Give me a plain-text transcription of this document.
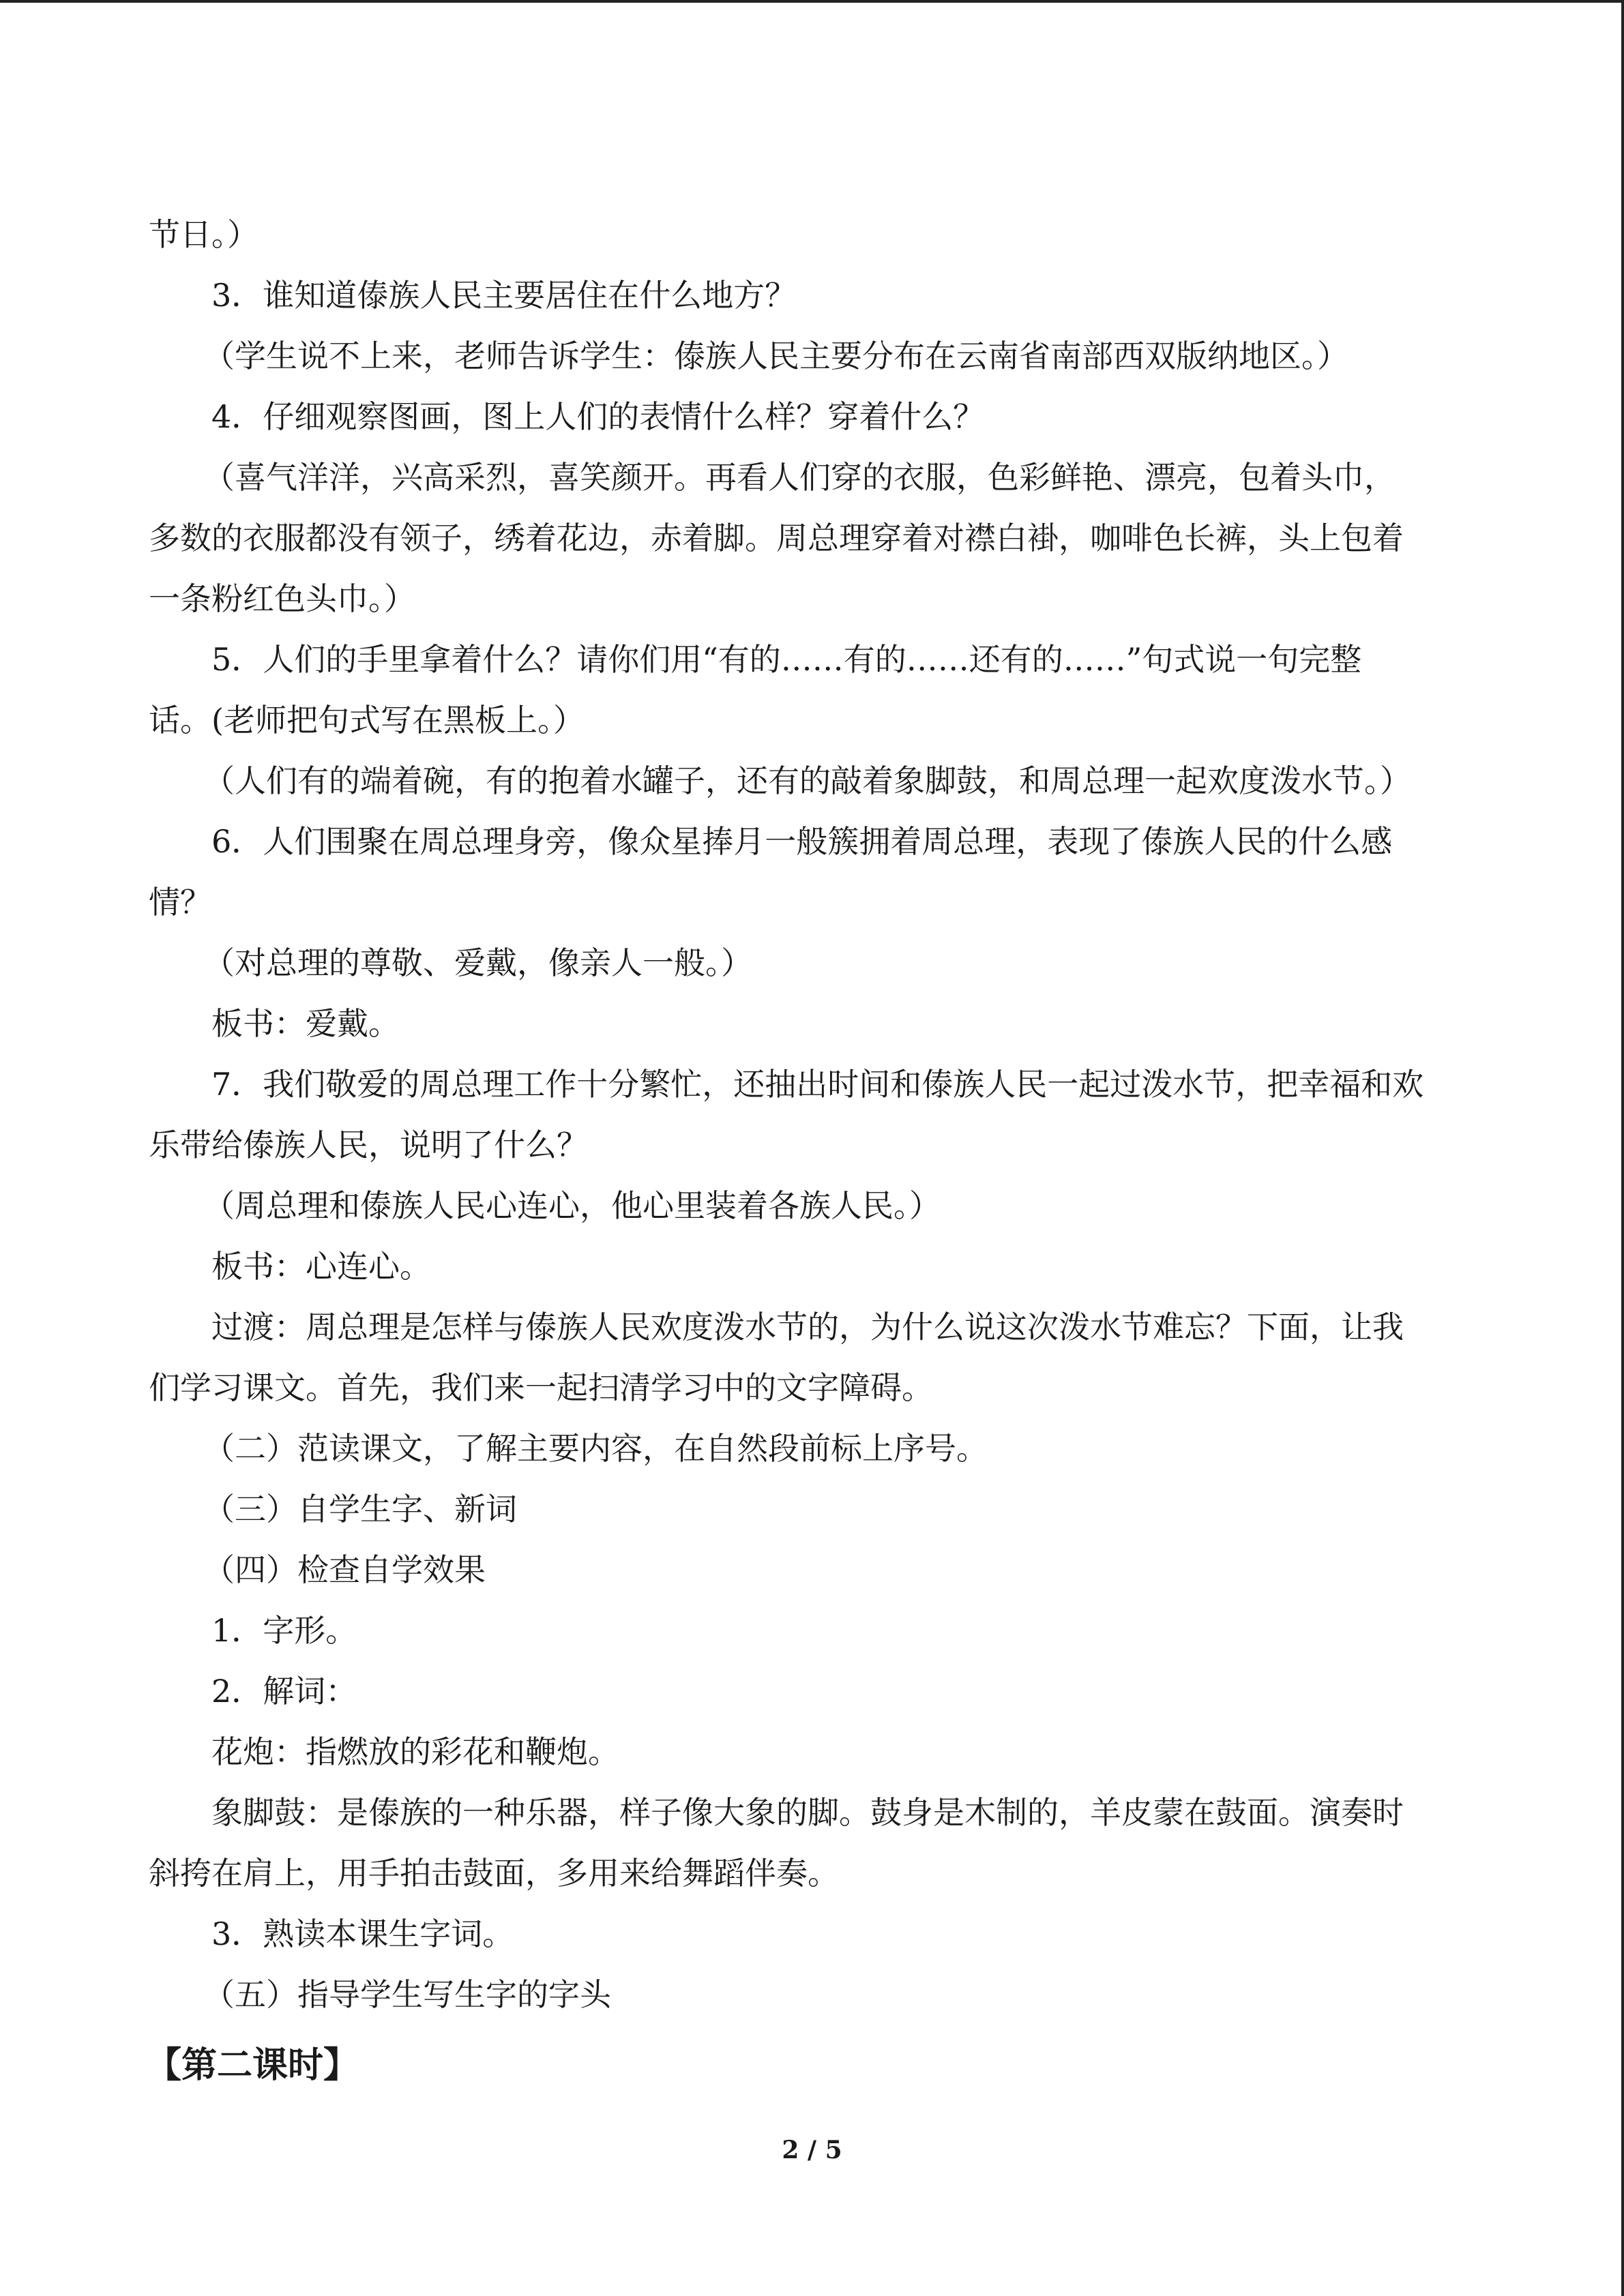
节日。）
3．谁知道傣族人民主要居住在什么地方？
（学生说不上来，老师告诉学生：傣族人民主要分布在云南省南部西双版纳地区。）
4．仔细观察图画，图上人们的表情什么样？穿着什么？
（喜气洋洋，兴高采烈，喜笑颜开。再看人们穿的衣服，色彩鲜艳、漂亮，包着头巾，
多数的衣服都没有领子，绣着花边，赤着脚。周总理穿着对襟白褂，咖啡色长裤，头上包着
一条粉红色头巾。）
5．人们的手里拿着什么？请你们用“有的……有的……还有的……”句式说一句完整
话。(老师把句式写在黑板上。）
（人们有的端着碗，有的抱着水罐子，还有的敲着象脚鼓，和周总理一起欢度泼水节。）
6．人们围聚在周总理身旁，像众星捧月一般簇拥着周总理，表现了傣族人民的什么感
情？
（对总理的尊敬、爱戴，像亲人一般。）
板书：爱戴。
7．我们敬爱的周总理工作十分繁忙，还抽出时间和傣族人民一起过泼水节，把幸福和欢
乐带给傣族人民，说明了什么？
（周总理和傣族人民心连心，他心里装着各族人民。）
板书：心连心。
过渡：周总理是怎样与傣族人民欢度泼水节的，为什么说这次泼水节难忘？下面，让我
们学习课文。首先，我们来一起扫清学习中的文字障碍。
（二）范读课文，了解主要内容，在自然段前标上序号。
（三）自学生字、新词
（四）检查自学效果
1．字形。
2．解词：
花炮：指燃放的彩花和鞭炮。
象脚鼓：是傣族的一种乐器，样子像大象的脚。鼓身是木制的，羊皮蒙在鼓面。演奏时
斜挎在肩上，用手拍击鼓面，多用来给舞蹈伴奏。
3．熟读本课生字词。
（五）指导学生写生字的字头
【第二课时】
2 / 5
